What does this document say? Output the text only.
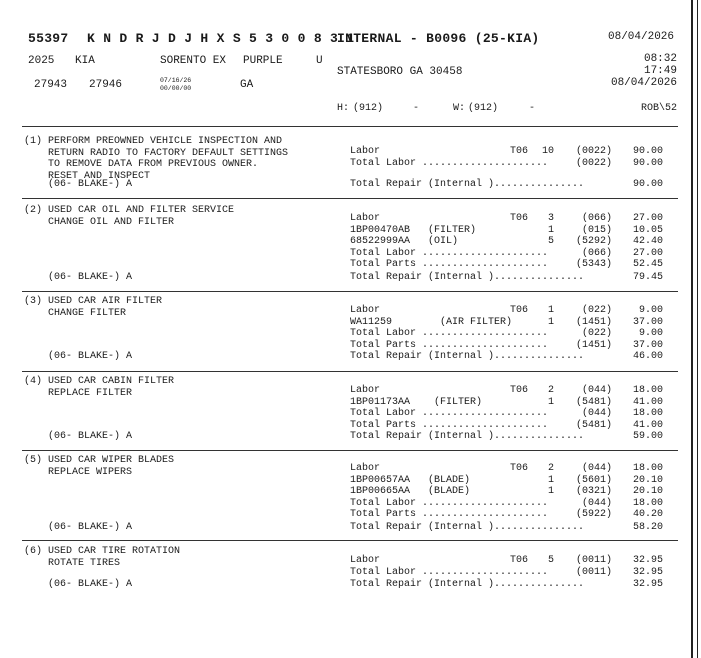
55397 K N D R J D J H X S 5 3 0 0 8 3 1
INTERNAL - B0096 (25-KIA)	08/04/2026
2025 KIA	SORENTO EX PURPLE	U	08:32
17:49
08/04/2026
STATESBORO GA 30458
27943 27946	07/16/26
00/00/00	GA
H: (912)	-	W: (912)	-	ROB\52
(1) PERFORM PREOWNED VEHICLE INSPECTION AND
RETURN RADIO TO FACTORY DEFAULT SETTINGS
TO REMOVE DATA FROM PREVIOUS OWNER.
RESET AND INSPECT
(06- BLAKE-) A
Labor	T06	10	(0022)	90.00
Total Labor .....................	(0022)	90.00
Total Repair (Internal )...............	90.00
(2) USED CAR OIL AND FILTER SERVICE
CHANGE OIL AND FILTER
(06- BLAKE-) A
Labor	T06	3	(066)	27.00
1BP00470AB   (FILTER)	1	(015)	10.05
68522999AA   (OIL)	5	(5292)	42.40
Total Labor .....................	(066)	27.00
Total Parts .....................	(5343)	52.45
Total Repair (Internal )...............	79.45
(3) USED CAR AIR FILTER
CHANGE FILTER
(06- BLAKE-) A
Labor	T06	1	(022)	9.00
WA11259        (AIR FILTER)	1	(1451)	37.00
Total Labor .....................	(022)	9.00
Total Parts .....................	(1451)	37.00
Total Repair (Internal )...............	46.00
(4) USED CAR CABIN FILTER
REPLACE FILTER
(06- BLAKE-) A
Labor	T06	2	(044)	18.00
1BP01173AA    (FILTER)	1	(5481)	41.00
Total Labor .....................	(044)	18.00
Total Parts .....................	(5481)	41.00
Total Repair (Internal )...............	59.00
(5) USED CAR WIPER BLADES
REPLACE WIPERS
(06- BLAKE-) A
Labor	T06	2	(044)	18.00
1BP00657AA   (BLADE)	1	(5601)	20.10
1BP00665AA   (BLADE)	1	(0321)	20.10
Total Labor .....................	(044)	18.00
Total Parts .....................	(5922)	40.20
Total Repair (Internal )...............	58.20
(6) USED CAR TIRE ROTATION
ROTATE TIRES
(06- BLAKE-) A
Labor	T06	5	(0011)	32.95
Total Labor .....................	(0011)	32.95
Total Repair (Internal )...............	32.95
